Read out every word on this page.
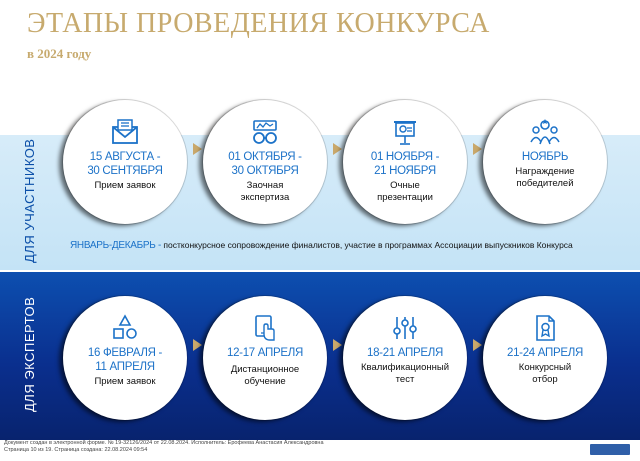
ЭТАПЫ ПРОВЕДЕНИЯ КОНКУРСА
в 2024 году
ДЛЯ УЧАСТНИКОВ
ДЛЯ ЭКСПЕРТОВ
15 АВГУСТА -
30 СЕНТЯБРЯ
Прием заявок
01 ОКТЯБРЯ -
30 ОКТЯБРЯ
Заочная
экспертиза
01 НОЯБРЯ -
21 НОЯБРЯ
Очные
презентации
НОЯБРЬ
Награждение
победителей
ЯНВАРЬ-ДЕКАБРЬ - постконкурсное сопровождение финалистов, участие в программах Ассоциации выпускников Конкурса
16 ФЕВРАЛЯ -
11 АПРЕЛЯ
Прием заявок
12-17 АПРЕЛЯ
Дистанционное
обучение
18-21 АПРЕЛЯ
Квалификационный
тест
21-24 АПРЕЛЯ
Конкурсный
отбор
Документ создан в электронной форме. № 19-32126/2024 от 22.08.2024. Исполнитель: Ерофеева Анастасия Александровна
Страница 10 из 19. Страница создана: 22.08.2024 09:54
